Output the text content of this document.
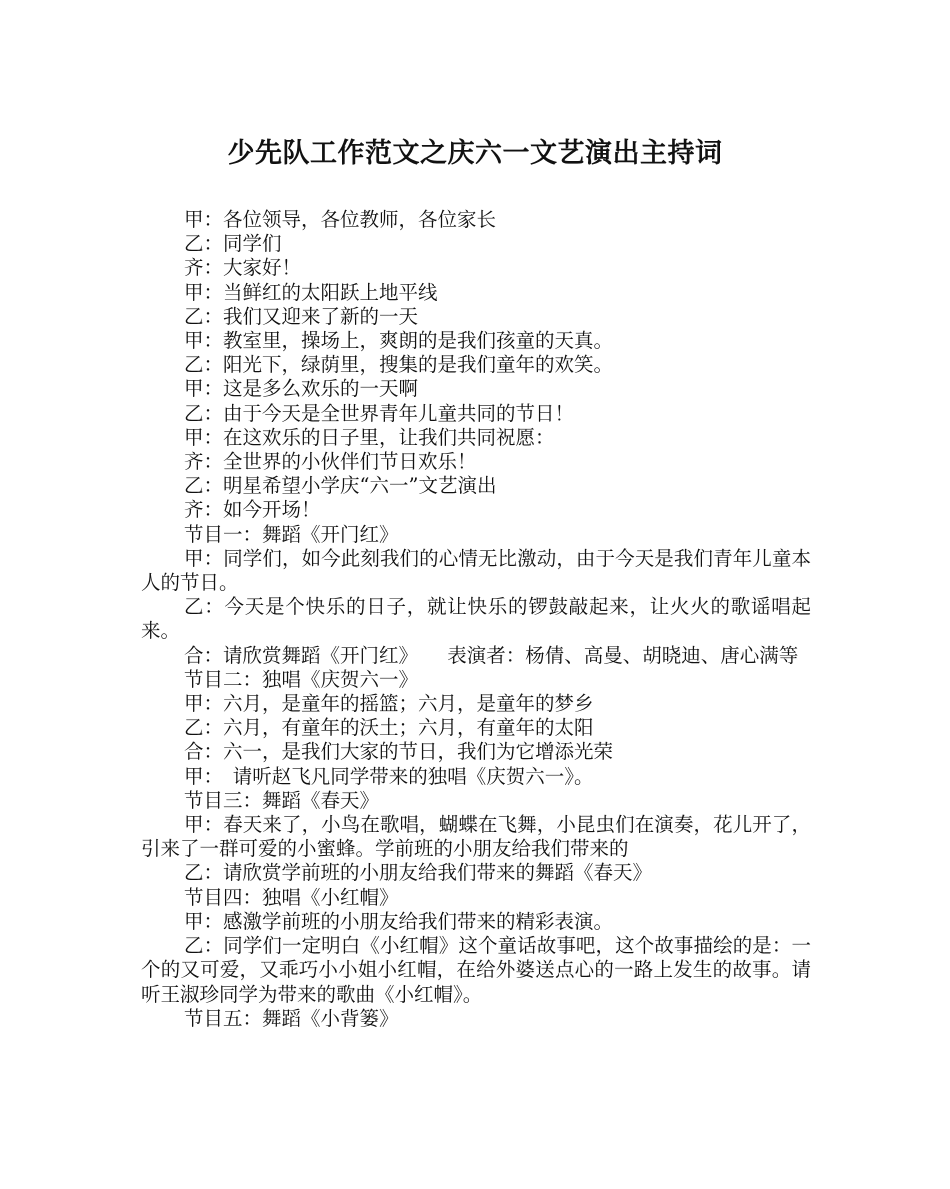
少先队工作范文之庆六一文艺演出主持词

甲：各位领导，各位教师，各位家长

乙：同学们

齐：大家好！

甲：当鲜红的太阳跃上地平线

乙：我们又迎来了新的一天

甲：教室里，操场上，爽朗的是我们孩童的天真。

乙：阳光下，绿荫里，搜集的是我们童年的欢笑。

甲：这是多么欢乐的一天啊

乙：由于今天是全世界青年儿童共同的节日！

甲：在这欢乐的日子里，让我们共同祝愿：

齐：全世界的小伙伴们节日欢乐！

乙：明星希望小学庆“六一”文艺演出

齐：如今开场！

节目一：舞蹈《开门红》

甲：同学们，如今此刻我们的心情无比激动，由于今天是我们青年儿童本人的节日。

乙：今天是个快乐的日子，就让快乐的锣鼓敲起来，让火火的歌谣唱起来。

合：请欣赏舞蹈《开门红》　　表演者：杨倩、高曼、胡晓迪、唐心满等

节目二：独唱《庆贺六一》

甲：六月，是童年的摇篮；六月，是童年的梦乡

乙：六月，有童年的沃土；六月，有童年的太阳

合：六一，是我们大家的节日，我们为它增添光荣

甲：　请听赵飞凡同学带来的独唱《庆贺六一》。

节目三：舞蹈《春天》

甲：春天来了，小鸟在歌唱，蝴蝶在飞舞，小昆虫们在演奏，花儿开了，引来了一群可爱的小蜜蜂。学前班的小朋友给我们带来的

乙：请欣赏学前班的小朋友给我们带来的舞蹈《春天》

节目四：独唱《小红帽》

甲：感激学前班的小朋友给我们带来的精彩表演。

乙：同学们一定明白《小红帽》这个童话故事吧，这个故事描绘的是：一个的又可爱，又乖巧小小姐小红帽，在给外婆送点心的一路上发生的故事。请听王淑珍同学为带来的歌曲《小红帽》。

节目五：舞蹈《小背篓》
